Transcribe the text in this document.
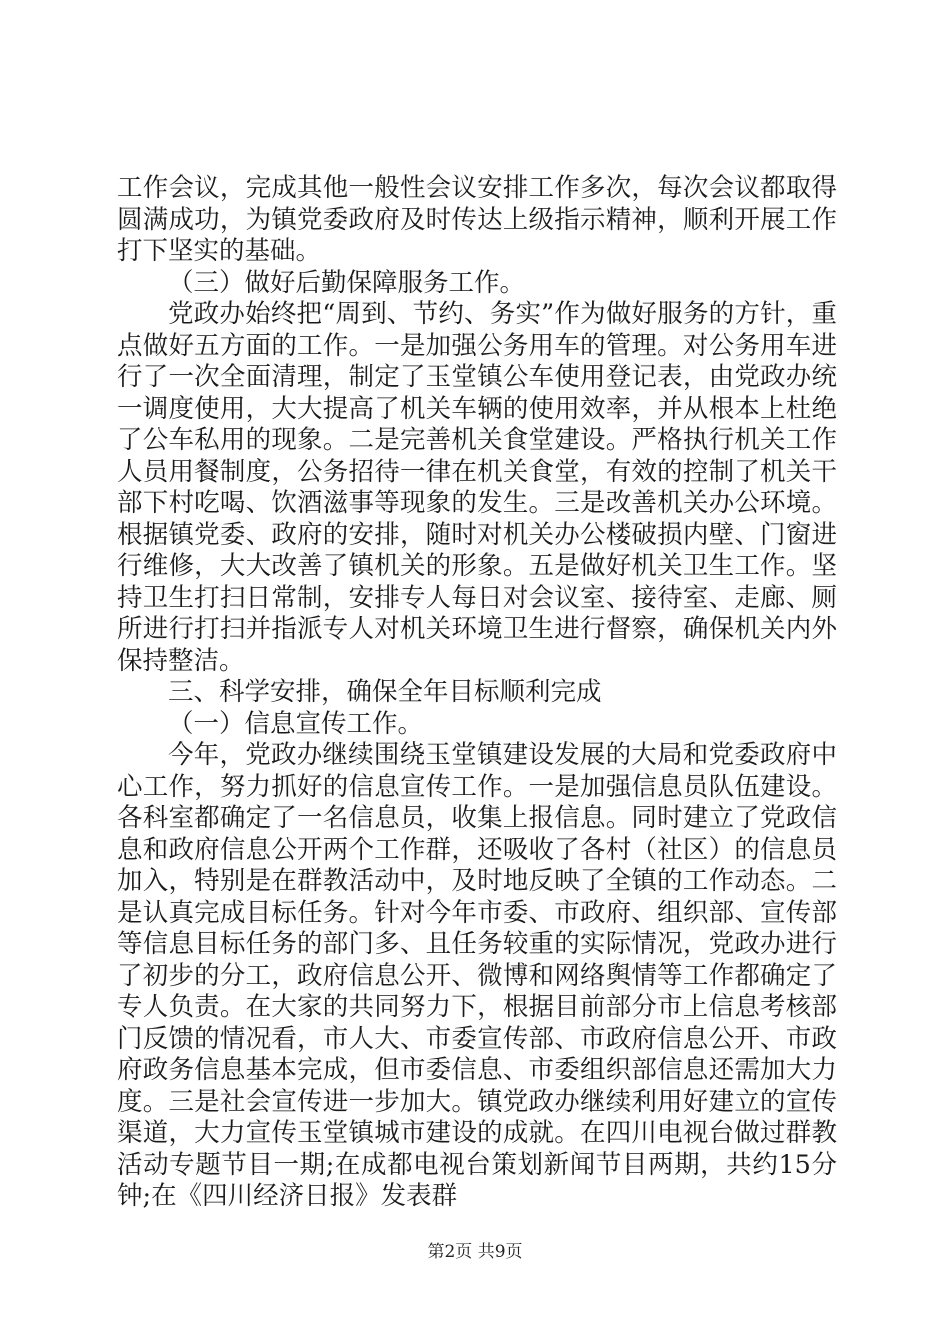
工作会议，完成其他一般性会议安排工作多次，每次会议都取得圆满成功，为镇党委政府及时传达上级指示精神，顺利开展工作打下坚实的基础。

（三）做好后勤保障服务工作。

党政办始终把“周到、节约、务实”作为做好服务的方针，重点做好五方面的工作。一是加强公务用车的管理。对公务用车进行了一次全面清理，制定了玉堂镇公车使用登记表，由党政办统一调度使用，大大提高了机关车辆的使用效率，并从根本上杜绝了公车私用的现象。二是完善机关食堂建设。严格执行机关工作人员用餐制度，公务招待一律在机关食堂，有效的控制了机关干部下村吃喝、饮酒滋事等现象的发生。三是改善机关办公环境。根据镇党委、政府的安排，随时对机关办公楼破损内壁、门窗进行维修，大大改善了镇机关的形象。五是做好机关卫生工作。坚持卫生打扫日常制，安排专人每日对会议室、接待室、走廊、厕所进行打扫并指派专人对机关环境卫生进行督察，确保机关内外保持整洁。

三、科学安排，确保全年目标顺利完成

（一）信息宣传工作。

今年，党政办继续围绕玉堂镇建设发展的大局和党委政府中心工作，努力抓好的信息宣传工作。一是加强信息员队伍建设。各科室都确定了一名信息员，收集上报信息。同时建立了党政信息和政府信息公开两个工作群，还吸收了各村（社区）的信息员加入，特别是在群教活动中，及时地反映了全镇的工作动态。二是认真完成目标任务。针对今年市委、市政府、组织部、宣传部等信息目标任务的部门多、且任务较重的实际情况，党政办进行了初步的分工，政府信息公开、微博和网络舆情等工作都确定了专人负责。在大家的共同努力下，根据目前部分市上信息考核部门反馈的情况看，市人大、市委宣传部、市政府信息公开、市政府政务信息基本完成，但市委信息、市委组织部信息还需加大力度。三是社会宣传进一步加大。镇党政办继续利用好建立的宣传渠道，大力宣传玉堂镇城市建设的成就。在四川电视台做过群教活动专题节目一期;在成都电视台策划新闻节目两期，共约15分钟;在《四川经济日报》发表群

第2页 共9页
